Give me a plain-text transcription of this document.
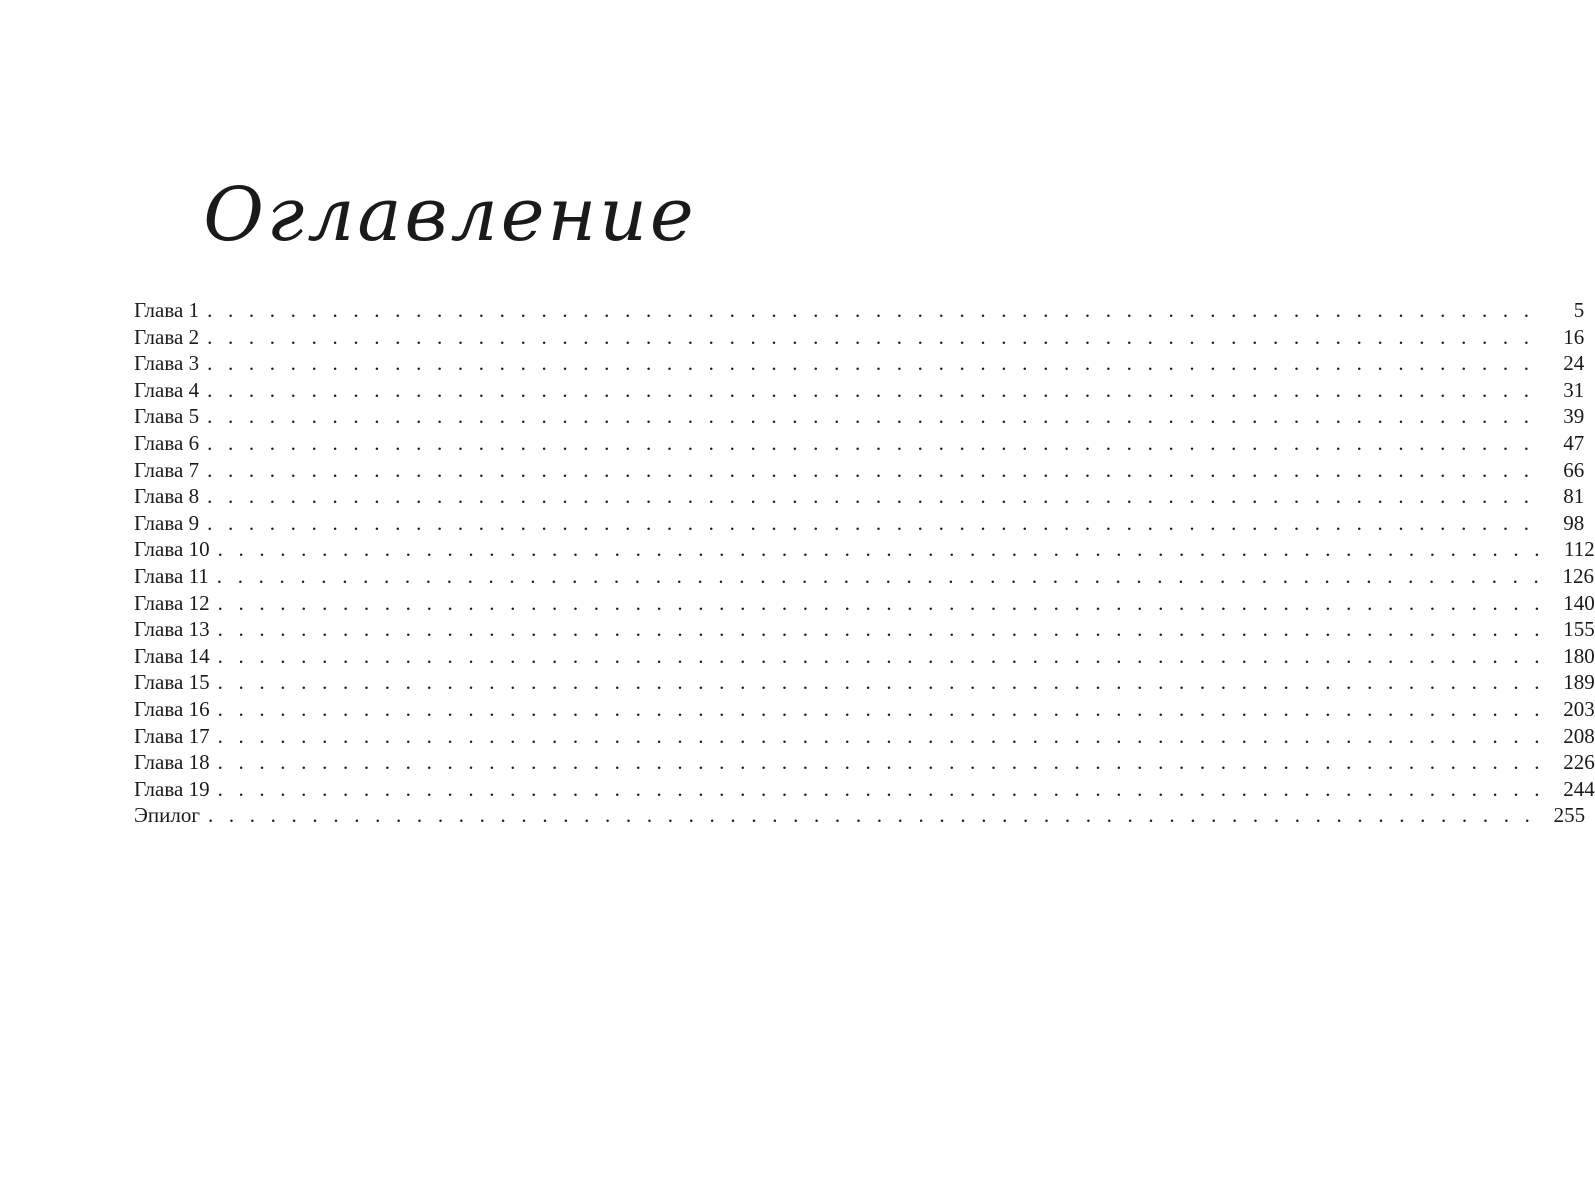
Оглавление
Глава 1 . . . . . . . . . . . . . . . . . . . . . . . . . . . . . . . . . . . . . . . . . . . . . . . . . . . . . . . . . . . . . . . .	5
Глава 2 . . . . . . . . . . . . . . . . . . . . . . . . . . . . . . . . . . . . . . . . . . . . . . . . . . . . . . . . . . . . . . . .	16
Глава 3 . . . . . . . . . . . . . . . . . . . . . . . . . . . . . . . . . . . . . . . . . . . . . . . . . . . . . . . . . . . . . . . .	24
Глава 4 . . . . . . . . . . . . . . . . . . . . . . . . . . . . . . . . . . . . . . . . . . . . . . . . . . . . . . . . . . . . . . . .	31
Глава 5 . . . . . . . . . . . . . . . . . . . . . . . . . . . . . . . . . . . . . . . . . . . . . . . . . . . . . . . . . . . . . . . .	39
Глава 6 . . . . . . . . . . . . . . . . . . . . . . . . . . . . . . . . . . . . . . . . . . . . . . . . . . . . . . . . . . . . . . . .	47
Глава 7 . . . . . . . . . . . . . . . . . . . . . . . . . . . . . . . . . . . . . . . . . . . . . . . . . . . . . . . . . . . . . . . .	66
Глава 8 . . . . . . . . . . . . . . . . . . . . . . . . . . . . . . . . . . . . . . . . . . . . . . . . . . . . . . . . . . . . . . . .	81
Глава 9 . . . . . . . . . . . . . . . . . . . . . . . . . . . . . . . . . . . . . . . . . . . . . . . . . . . . . . . . . . . . . . . .	98
Глава 10 . . . . . . . . . . . . . . . . . . . . . . . . . . . . . . . . . . . . . . . . . . . . . . . . . . . . . . . . . . . . . . . . 112
Глава 11 . . . . . . . . . . . . . . . . . . . . . . . . . . . . . . . . . . . . . . . . . . . . . . . . . . . . . . . . . . . . . . . . 126
Глава 12 . . . . . . . . . . . . . . . . . . . . . . . . . . . . . . . . . . . . . . . . . . . . . . . . . . . . . . . . . . . . . . . . 140
Глава 13 . . . . . . . . . . . . . . . . . . . . . . . . . . . . . . . . . . . . . . . . . . . . . . . . . . . . . . . . . . . . . . . . 155
Глава 14 . . . . . . . . . . . . . . . . . . . . . . . . . . . . . . . . . . . . . . . . . . . . . . . . . . . . . . . . . . . . . . . . 180
Глава 15 . . . . . . . . . . . . . . . . . . . . . . . . . . . . . . . . . . . . . . . . . . . . . . . . . . . . . . . . . . . . . . . . 189
Глава 16 . . . . . . . . . . . . . . . . . . . . . . . . . . . . . . . . . . . . . . . . . . . . . . . . . . . . . . . . . . . . . . . . 203
Глава 17 . . . . . . . . . . . . . . . . . . . . . . . . . . . . . . . . . . . . . . . . . . . . . . . . . . . . . . . . . . . . . . . . 208
Глава 18 . . . . . . . . . . . . . . . . . . . . . . . . . . . . . . . . . . . . . . . . . . . . . . . . . . . . . . . . . . . . . . . . 226
Глава 19 . . . . . . . . . . . . . . . . . . . . . . . . . . . . . . . . . . . . . . . . . . . . . . . . . . . . . . . . . . . . . . . . 244
Эпилог . . . . . . . . . . . . . . . . . . . . . . . . . . . . . . . . . . . . . . . . . . . . . . . . . . . . . . . . . . . . . . . . 255
